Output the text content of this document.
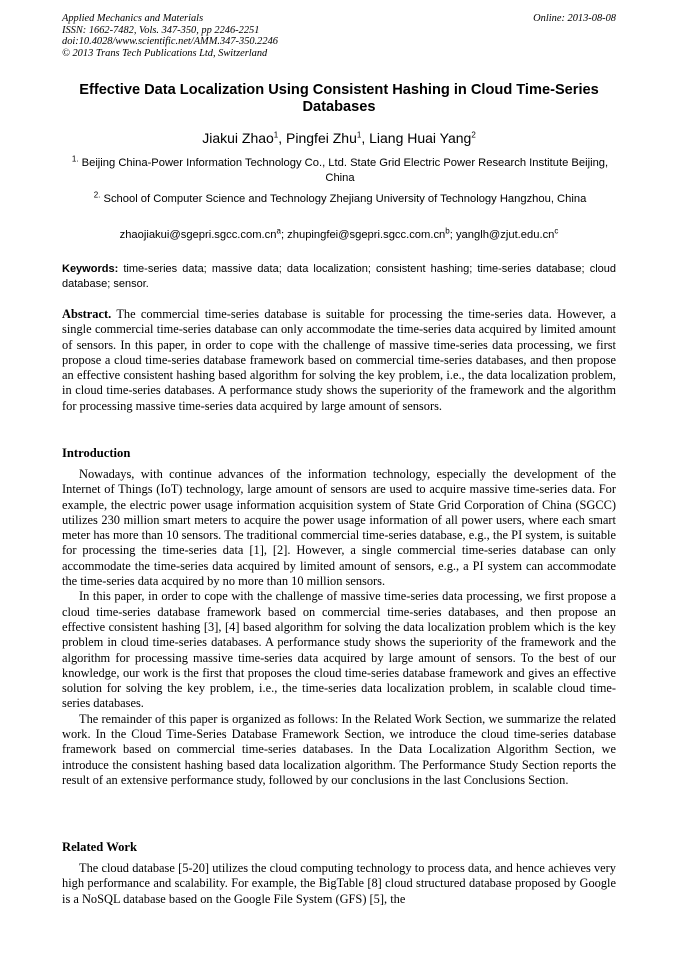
Applied Mechanics and Materials
ISSN: 1662-7482, Vols. 347-350, pp 2246-2251
doi:10.4028/www.scientific.net/AMM.347-350.2246
© 2013 Trans Tech Publications Ltd, Switzerland
Online: 2013-08-08
Effective Data Localization Using Consistent Hashing in Cloud Time-Series Databases
Jiakui Zhao$^1$, Pingfei Zhu$^1$, Liang Huai Yang$^2$
$^{1.}$ Beijing China-Power Information Technology Co., Ltd. State Grid Electric Power Research Institute Beijing, China
$^{2.}$ School of Computer Science and Technology Zhejiang University of Technology Hangzhou, China
$zhaojiakui@sgepri.sgcc.com.cn^a$; $zhupingfei@sgepri.sgcc.com.cn^b$; $yanglh@zjut.edu.cn^c$
Keywords: time-series data; massive data; data localization; consistent hashing; time-series database; cloud database; sensor.
Abstract. The commercial time-series database is suitable for processing the time-series data. However, a single commercial time-series database can only accommodate the time-series data acquired by limited amount of sensors. In this paper, in order to cope with the challenge of massive time-series data processing, we first propose a cloud time-series database framework based on commercial time-series databases, and then propose an effective consistent hashing based algorithm for solving the key problem, i.e., the data localization problem, in cloud time-series databases. A performance study shows the superiority of the framework and the algorithm for processing massive time-series data acquired by large amount of sensors.
Introduction

Nowadays, with continue advances of the information technology, especially the development of the Internet of Things (IoT) technology, large amount of sensors are used to acquire massive time-series data. For example, the electric power usage information acquisition system of State Grid Corporation of China (SGCC) utilizes 230 million smart meters to acquire the power usage information of all power users, where each smart meter has more than 10 sensors. The traditional commercial time-series database, e.g., the PI system, is suitable for processing the time-series data [1], [2]. However, a single commercial time-series database can only accommodate the time-series data acquired by limited amount of sensors, e.g., a PI system can accommodate the time-series data acquired by no more than 10 million sensors.

In this paper, in order to cope with the challenge of massive time-series data processing, we first propose a cloud time-series database framework based on commercial time-series databases, and then propose an effective consistent hashing [3], [4] based algorithm for solving the data localization problem which is the key problem in cloud time-series databases. A performance study shows the superiority of the framework and the algorithm for processing massive time-series data acquired by large amount of sensors. To the best of our knowledge, our work is the first that proposes the cloud time-series database framework and gives an effective solution for solving the key problem, i.e., the time-series data localization problem, in scalable cloud time-series databases.

The remainder of this paper is organized as follows: In the Related Work Section, we summarize the related work. In the Cloud Time-Series Database Framework Section, we introduce the cloud time-series database framework based on commercial time-series databases. In the Data Localization Algorithm Section, we introduce the consistent hashing based data localization algorithm. The Performance Study Section reports the result of an extensive performance study, followed by our conclusions in the last Conclusions Section.

Related Work

The cloud database [5-20] utilizes the cloud computing technology to process data, and hence achieves very high performance and scalability. For example, the BigTable [8] cloud structured database proposed by Google is a NoSQL database based on the Google File System (GFS) [5], the
